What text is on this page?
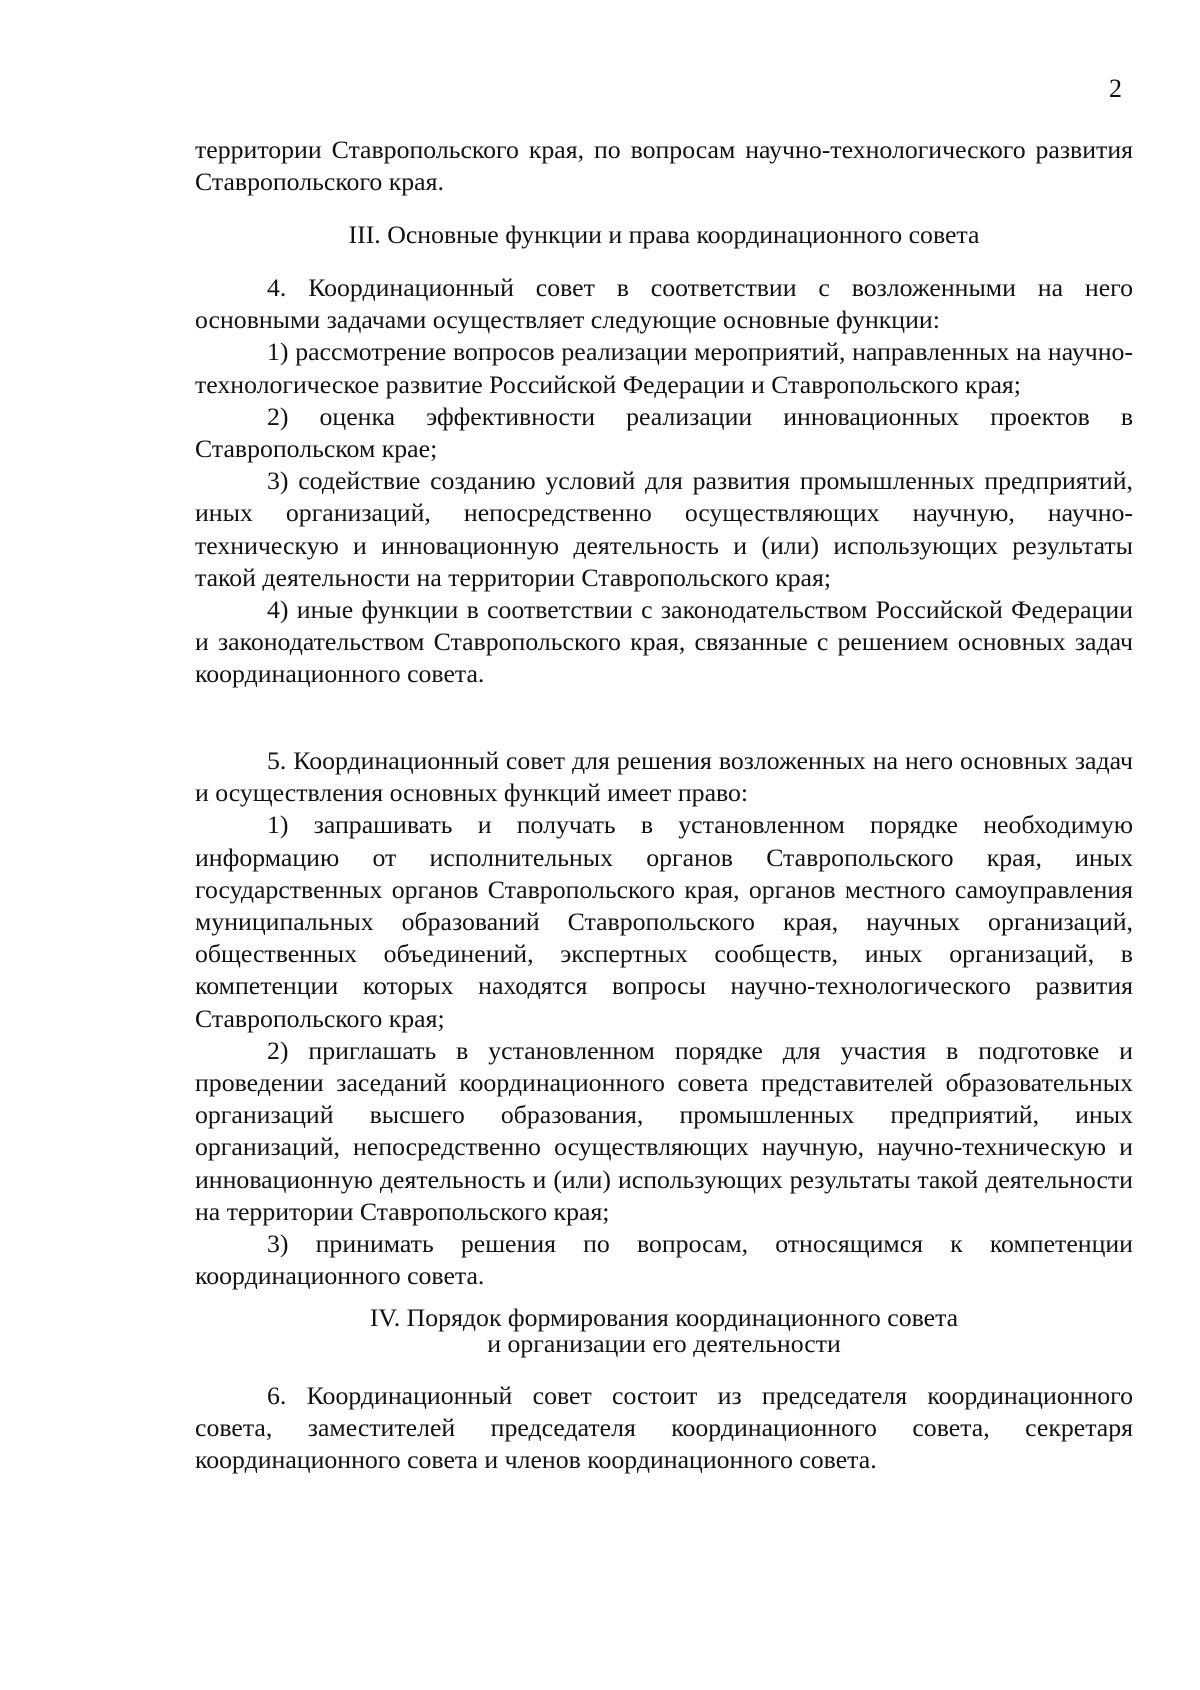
2

территории Ставропольского края, по вопросам научно-технологического развития Ставропольского края.

III. Основные функции и права координационного совета

4. Координационный совет в соответствии с возложенными на него основными задачами осуществляет следующие основные функции:

1) рассмотрение вопросов реализации мероприятий, направленных на научно-технологическое развитие Российской Федерации и Ставропольского края;

2) оценка эффективности реализации инновационных проектов в Ставропольском крае;

3) содействие созданию условий для развития промышленных предприятий, иных организаций, непосредственно осуществляющих научную, научно-техническую и инновационную деятельность и (или) использующих результаты такой деятельности на территории Ставропольского края;

4) иные функции в соответствии с законодательством Российской Федерации и законодательством Ставропольского края, связанные с решением основных задач координационного совета.

5. Координационный совет для решения возложенных на него основных задач и осуществления основных функций имеет право:

1) запрашивать и получать в установленном порядке необходимую информацию от исполнительных органов Ставропольского края, иных государственных органов Ставропольского края, органов местного самоуправления муниципальных образований Ставропольского края, научных организаций, общественных объединений, экспертных сообществ, иных организаций, в компетенции которых находятся вопросы научно-технологического развития Ставропольского края;

2) приглашать в установленном порядке для участия в подготовке и проведении заседаний координационного совета представителей образовательных организаций высшего образования, промышленных предприятий, иных организаций, непосредственно осуществляющих научную, научно-техническую и инновационную деятельность и (или) использующих результаты такой деятельности на территории Ставропольского края;

3) принимать решения по вопросам, относящимся к компетенции координационного совета.

IV. Порядок формирования координационного совета

и организации его деятельности

6. Координационный совет состоит из председателя координационного совета, заместителей председателя координационного совета, секретаря координационного совета и членов координационного совета.
